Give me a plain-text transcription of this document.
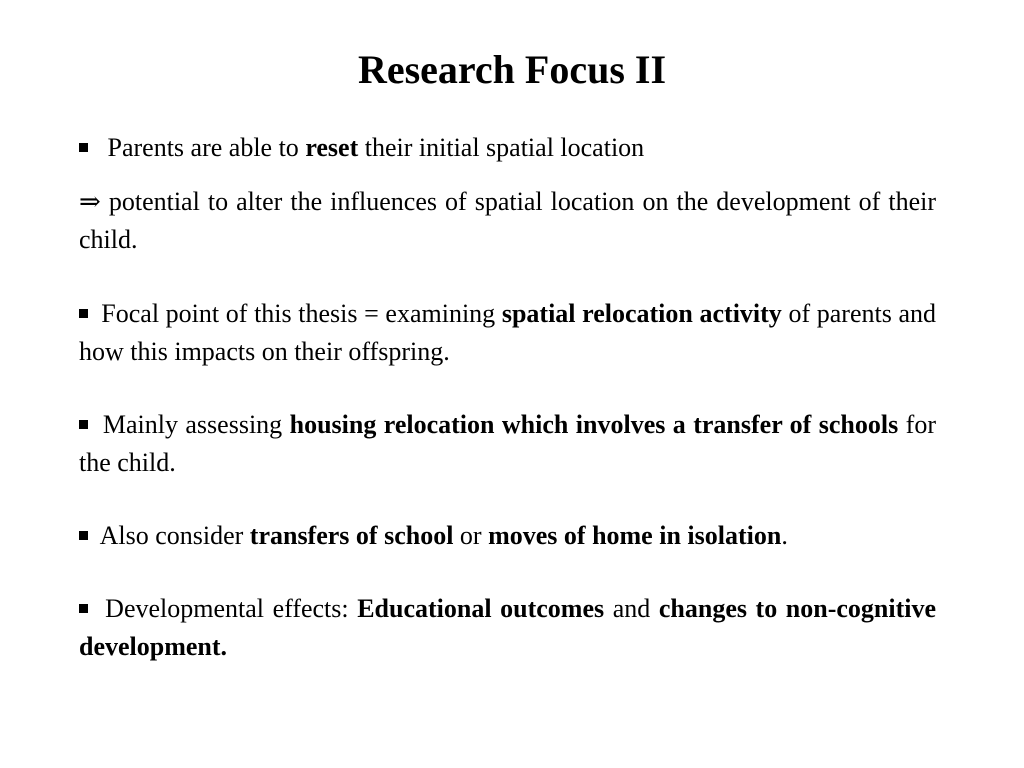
Research Focus II
Parents are able to reset their initial spatial location
⇒ potential to alter the influences of spatial location on the development of their child.
Focal point of this thesis = examining spatial relocation activity of parents and how this impacts on their offspring.
Mainly assessing housing relocation which involves a transfer of schools for the child.
Also consider transfers of school or moves of home in isolation.
Developmental effects: Educational outcomes and changes to non-cognitive development.
